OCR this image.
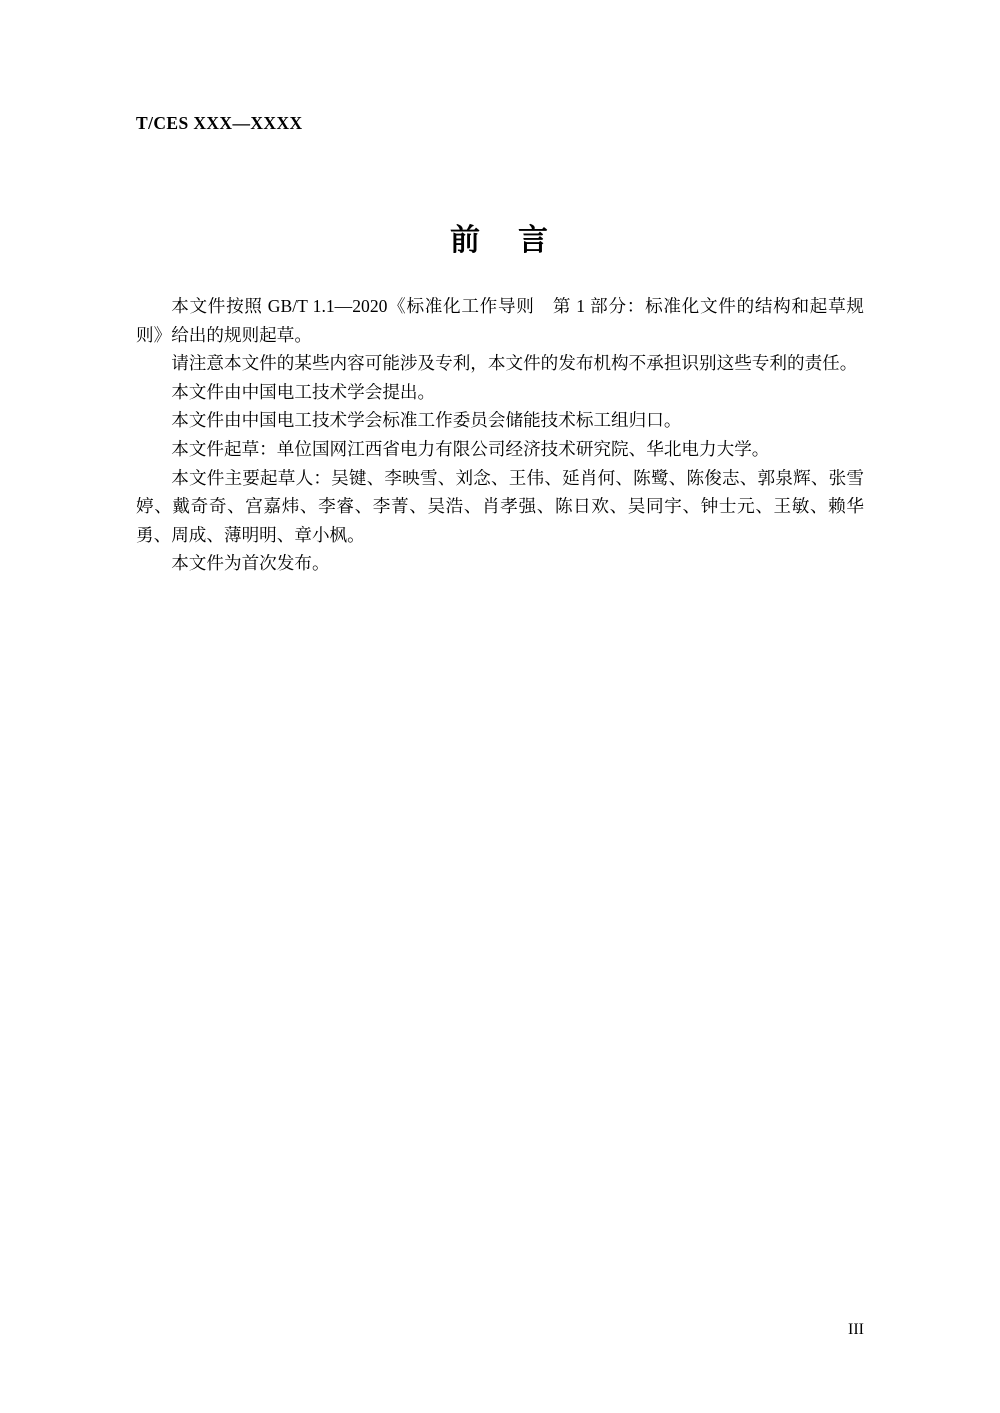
T/CES XXX—XXXX
前 言

本文件按照 GB/T 1.1—2020《标准化工作导则　第 1 部分：标准化文件的结构和起草规则》给出的规则起草。

请注意本文件的某些内容可能涉及专利，本文件的发布机构不承担识别这些专利的责任。

本文件由中国电工技术学会提出。

本文件由中国电工技术学会标准工作委员会储能技术标工组归口。

本文件起草：单位国网江西省电力有限公司经济技术研究院、华北电力大学。

本文件主要起草人：吴键、李映雪、刘念、王伟、延肖何、陈鹭、陈俊志、郭泉辉、张雪婷、戴奇奇、宫嘉炜、李睿、李菁、吴浩、肖孝强、陈日欢、吴同宇、钟士元、王敏、赖华勇、周成、薄明明、章小枫。

本文件为首次发布。

III
